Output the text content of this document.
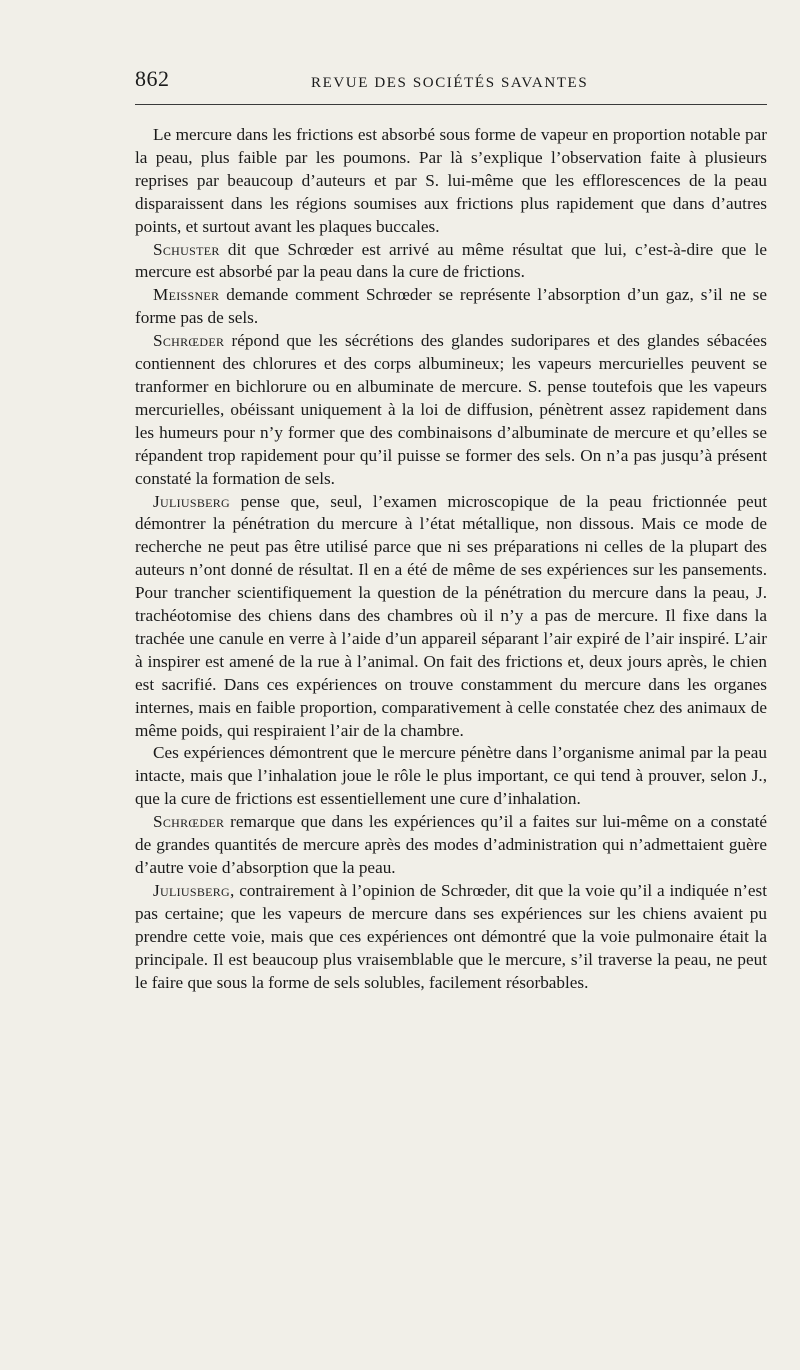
862	REVUE DES SOCIÉTÉS SAVANTES

Le mercure dans les frictions est absorbé sous forme de vapeur en proportion notable par la peau, plus faible par les poumons. Par là s’explique l’observation faite à plusieurs reprises par beaucoup d’auteurs et par S. lui-même que les efflorescences de la peau disparaissent dans les régions soumises aux frictions plus rapidement que dans d’autres points, et surtout avant les plaques buccales.

Schuster dit que Schrœder est arrivé au même résultat que lui, c’est-à-dire que le mercure est absorbé par la peau dans la cure de frictions.

Meissner demande comment Schrœder se représente l’absorption d’un gaz, s’il ne se forme pas de sels.

Schrœder répond que les sécrétions des glandes sudoripares et des glandes sébacées contiennent des chlorures et des corps albumineux; les vapeurs mercurielles peuvent se tranformer en bichlorure ou en albuminate de mercure. S. pense toutefois que les vapeurs mercurielles, obéissant uniquement à la loi de diffusion, pénètrent assez rapidement dans les humeurs pour n’y former que des combinaisons d’albuminate de mercure et qu’elles se répandent trop rapidement pour qu’il puisse se former des sels. On n’a pas jusqu’à présent constaté la formation de sels.

Juliusberg pense que, seul, l’examen microscopique de la peau frictionnée peut démontrer la pénétration du mercure à l’état métallique, non dissous. Mais ce mode de recherche ne peut pas être utilisé parce que ni ses préparations ni celles de la plupart des auteurs n’ont donné de résultat. Il en a été de même de ses expériences sur les pansements. Pour trancher scientifiquement la question de la pénétration du mercure dans la peau, J. trachéotomise des chiens dans des chambres où il n’y a pas de mercure. Il fixe dans la trachée une canule en verre à l’aide d’un appareil séparant l’air expiré de l’air inspiré. L’air à inspirer est amené de la rue à l’animal. On fait des frictions et, deux jours après, le chien est sacrifié. Dans ces expériences on trouve constamment du mercure dans les organes internes, mais en faible proportion, comparativement à celle constatée chez des animaux de même poids, qui respiraient l’air de la chambre.

Ces expériences démontrent que le mercure pénètre dans l’organisme animal par la peau intacte, mais que l’inhalation joue le rôle le plus important, ce qui tend à prouver, selon J., que la cure de frictions est essentiellement une cure d’inhalation.

Schrœder remarque que dans les expériences qu’il a faites sur lui-même on a constaté de grandes quantités de mercure après des modes d’administration qui n’admettaient guère d’autre voie d’absorption que la peau.

Juliusberg, contrairement à l’opinion de Schrœder, dit que la voie qu’il a indiquée n’est pas certaine; que les vapeurs de mercure dans ses expériences sur les chiens avaient pu prendre cette voie, mais que ces expériences ont démontré que la voie pulmonaire était la principale. Il est beaucoup plus vraisemblable que le mercure, s’il traverse la peau, ne peut le faire que sous la forme de sels solubles, facilement résorbables.
